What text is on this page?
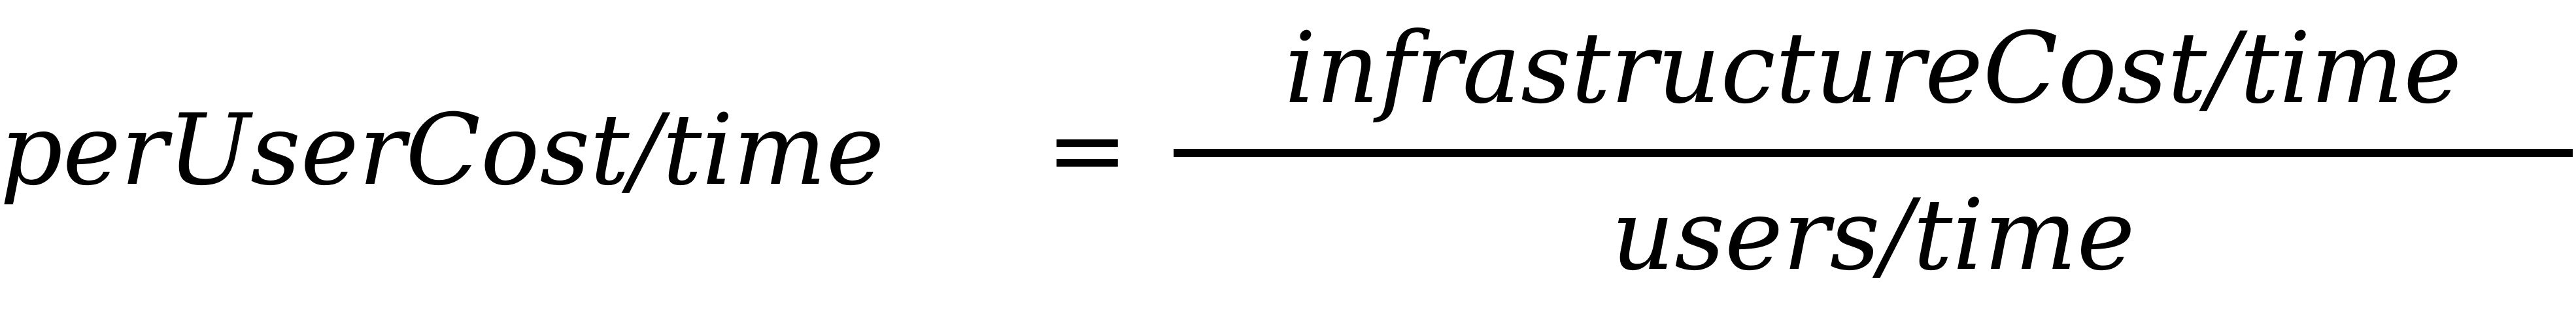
perUserCost/time	=
infrastructureCost/time
users/time
